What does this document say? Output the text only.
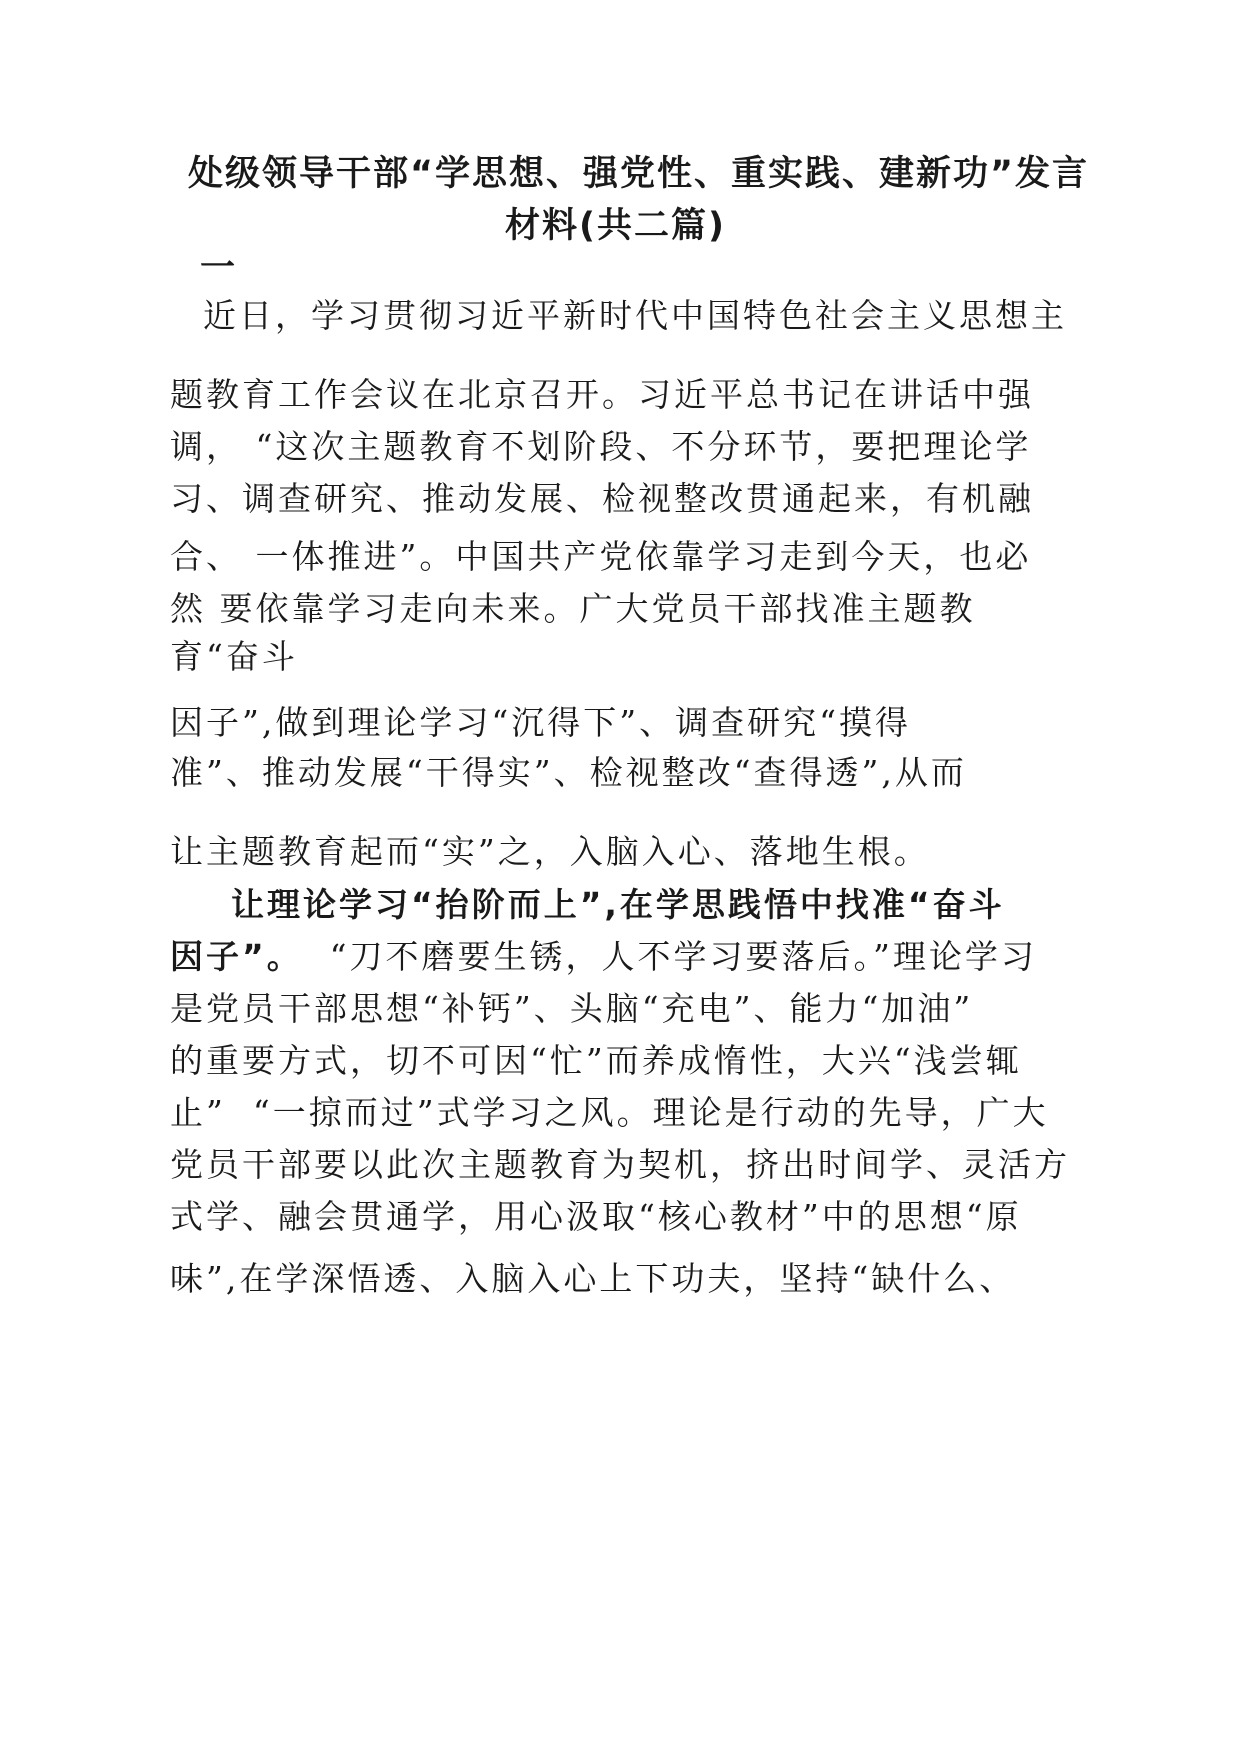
处级领导干部“学思想、强党性、重实践、建新功”发言
材料(共二篇)
一
近日，学习贯彻习近平新时代中国特色社会主义思想主
题教育工作会议在北京召开。习近平总书记在讲话中强
调， “这次主题教育不划阶段、不分环节，要把理论学
习、调查研究、推动发展、检视整改贯通起来，有机融
合、 一体推进”。中国共产党依靠学习走到今天，也必
然 要依靠学习走向未来。广大党员干部找准主题教
育“奋斗
因子”,做到理论学习“沉得下”、调查研究“摸得
准”、推动发展“干得实”、检视整改“查得透”,从而
让主题教育起而“实”之，入脑入心、落地生根。
让理论学习“抬阶而上”,在学思践悟中找准“奋斗
因子”。  “刀不磨要生锈，人不学习要落后。”理论学习
是党员干部思想“补钙”、头脑“充电”、能力“加油”
的重要方式，切不可因“忙”而养成惰性，大兴“浅尝辄
止”  “一掠而过”式学习之风。理论是行动的先导，广大
党员干部要以此次主题教育为契机，挤出时间学、灵活方
式学、融会贯通学，用心汲取“核心教材”中的思想“原
味”,在学深悟透、入脑入心上下功夫，坚持“缺什么、
